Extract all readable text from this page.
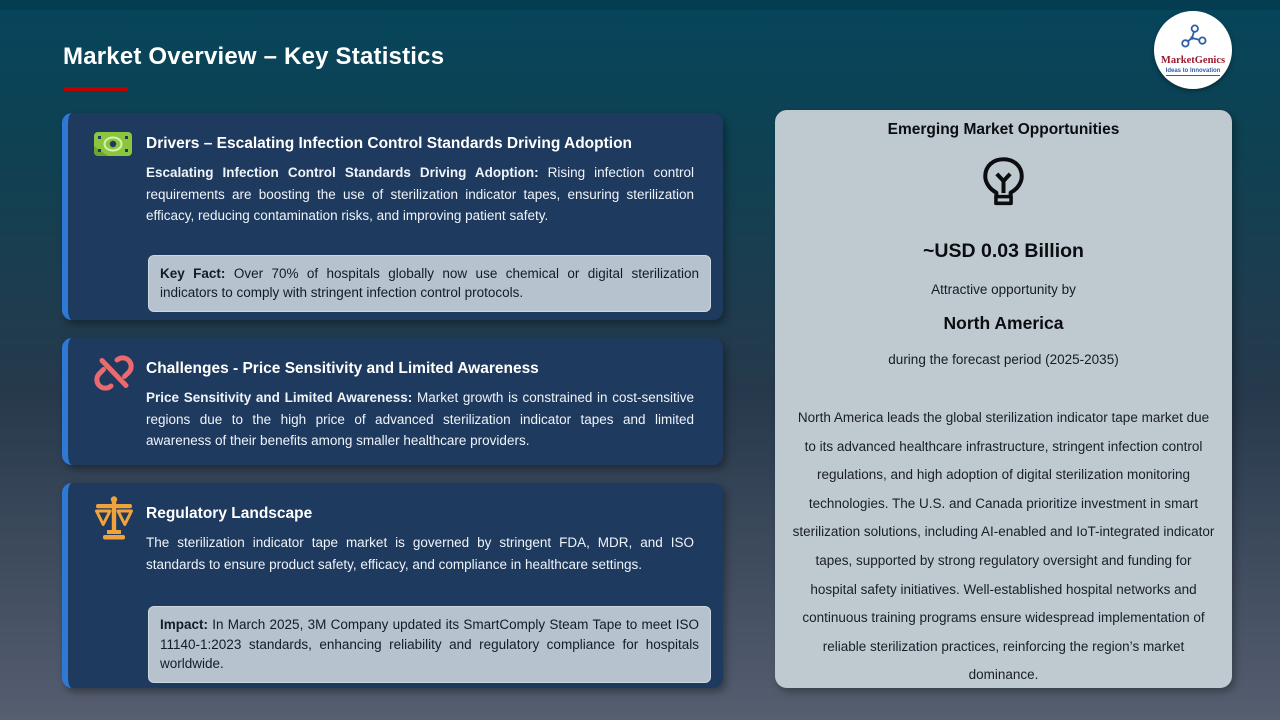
Market Overview – Key Statistics	MarketGenics
Ideas to Innovation
Drivers – Escalating Infection Control Standards Driving Adoption
Escalating Infection Control Standards Driving Adoption: Rising infection control requirements are boosting the use of sterilization indicator tapes, ensuring sterilization efficacy, reducing contamination risks, and improving patient safety.
Key Fact: Over 70% of hospitals globally now use chemical or digital sterilization indicators to comply with stringent infection control protocols.
Challenges - Price Sensitivity and Limited Awareness
Price Sensitivity and Limited Awareness: Market growth is constrained in cost-sensitive regions due to the high price of advanced sterilization indicator tapes and limited awareness of their benefits among smaller healthcare providers.
Regulatory Landscape
The sterilization indicator tape market is governed by stringent FDA, MDR, and ISO standards to ensure product safety, efficacy, and compliance in healthcare settings.
Impact: In March 2025, 3M Company updated its SmartComply Steam Tape to meet ISO 11140-1:2023 standards, enhancing reliability and regulatory compliance for hospitals worldwide.
Emerging Market Opportunities
~USD 0.03 Billion
Attractive opportunity by
North America
during the forecast period (2025-2035)
North America leads the global sterilization indicator tape market due to its advanced healthcare infrastructure, stringent infection control regulations, and high adoption of digital sterilization monitoring technologies. The U.S. and Canada prioritize investment in smart sterilization solutions, including AI-enabled and IoT-integrated indicator tapes, supported by strong regulatory oversight and funding for hospital safety initiatives. Well-established hospital networks and continuous training programs ensure widespread implementation of reliable sterilization practices, reinforcing the region’s market dominance.
